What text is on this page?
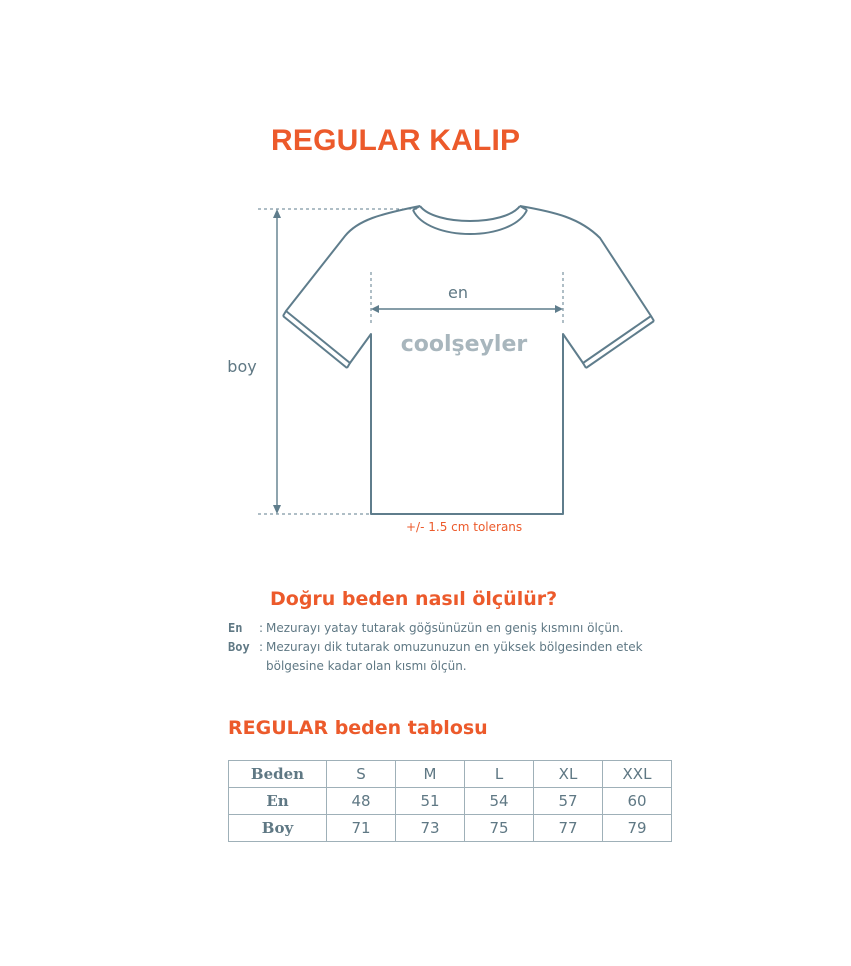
REGULAR KALIP
en
boy
coolşeyler
+/- 1.5 cm tolerans
Doğru beden nasıl ölçülür?
En : Mezurayı yatay tutarak göğsünüzün en geniş kısmını ölçün.
Boy : Mezurayı dik tutarak omuzunuzun en yüksek bölgesinden etek bölgesine kadar olan kısmı ölçün.
REGULAR beden tablosu
Beden	S	M	L	XL	XXL
En	48	51	54	57	60
Boy	71	73	75	77	79
